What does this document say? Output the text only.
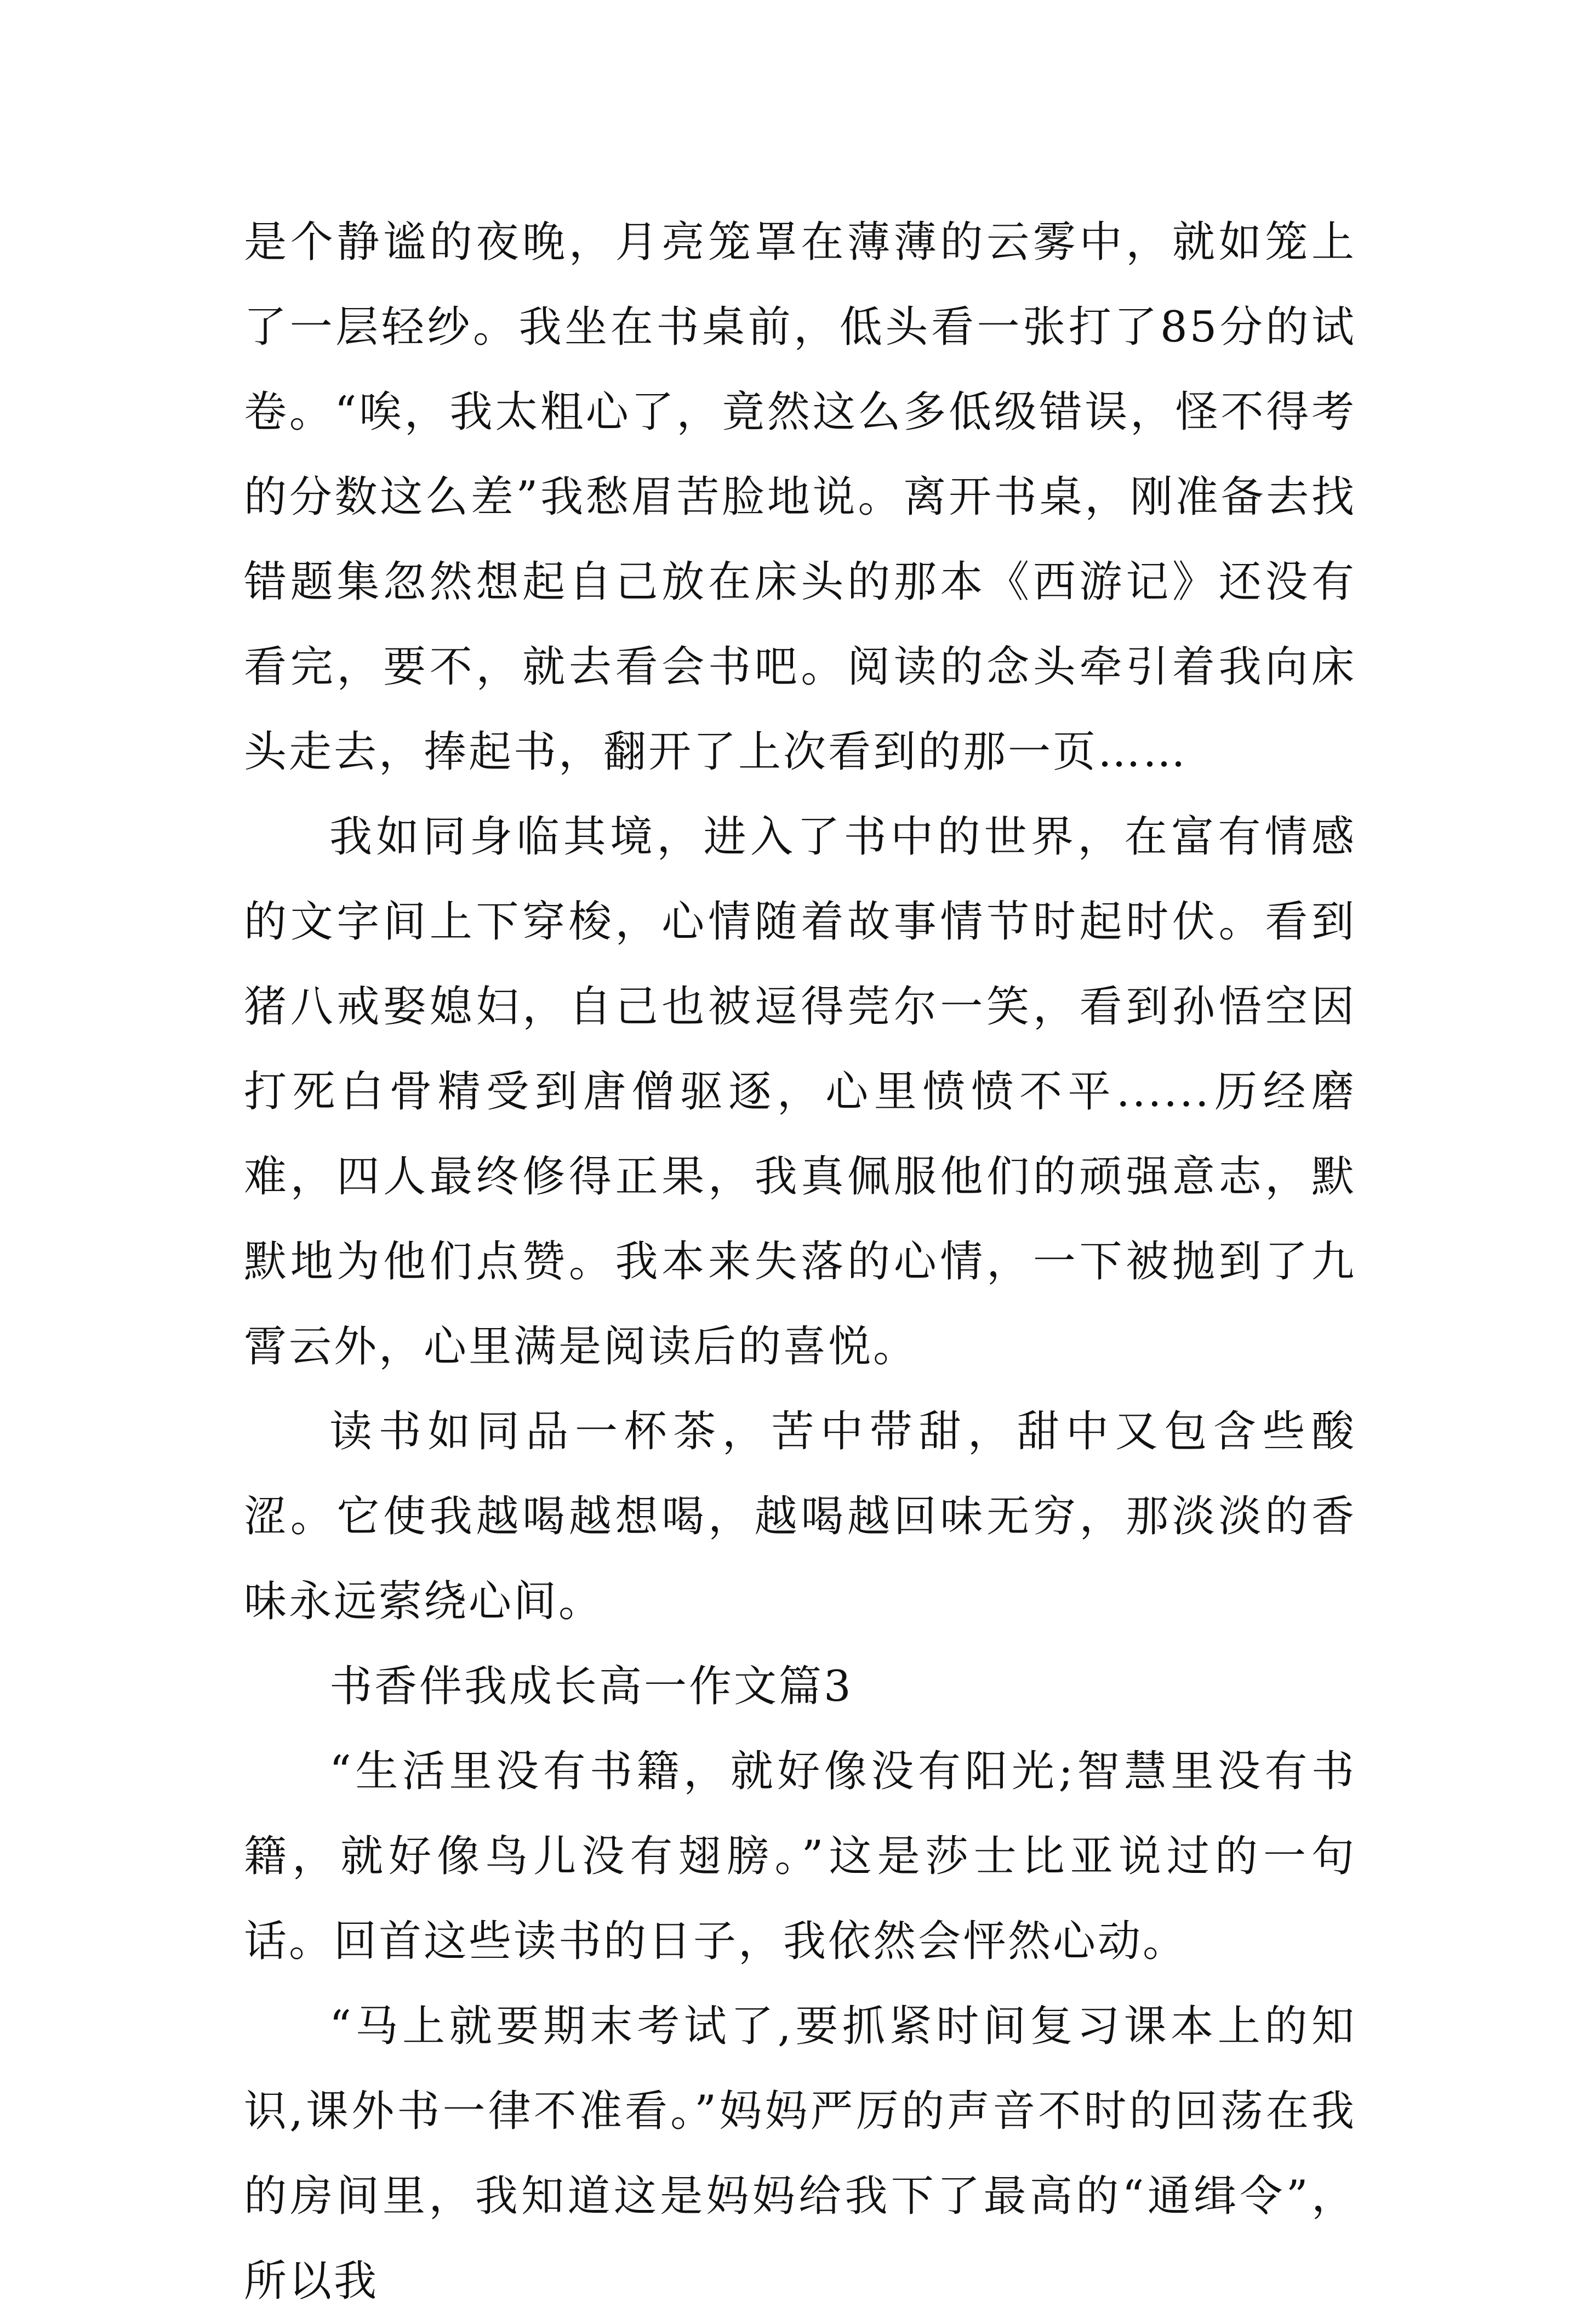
是个静谧的夜晚，月亮笼罩在薄薄的云雾中，就如笼上了一层轻纱。我坐在书桌前，低头看一张打了85分的试卷。“唉，我太粗心了，竟然这么多低级错误，怪不得考的分数这么差”我愁眉苦脸地说。离开书桌，刚准备去找错题集忽然想起自己放在床头的那本《西游记》还没有看完，要不，就去看会书吧。阅读的念头牵引着我向床头走去，捧起书，翻开了上次看到的那一页……

我如同身临其境，进入了书中的世界，在富有情感的文字间上下穿梭，心情随着故事情节时起时伏。看到猪八戒娶媳妇，自己也被逗得莞尔一笑，看到孙悟空因打死白骨精受到唐僧驱逐，心里愤愤不平......历经磨难，四人最终修得正果，我真佩服他们的顽强意志，默默地为他们点赞。我本来失落的心情，一下被抛到了九霄云外，心里满是阅读后的喜悦。

读书如同品一杯茶，苦中带甜，甜中又包含些酸涩。它使我越喝越想喝，越喝越回味无穷，那淡淡的香味永远萦绕心间。

书香伴我成长高一作文篇3

“生活里没有书籍，就好像没有阳光;智慧里没有书籍，就好像鸟儿没有翅膀。”这是莎士比亚说过的一句话。回首这些读书的日子，我依然会怦然心动。

“马上就要期末考试了,要抓紧时间复习课本上的知识,课外书一律不准看。”妈妈严厉的声音不时的回荡在我的房间里，我知道这是妈妈给我下了最高的“通缉令”，所以我
